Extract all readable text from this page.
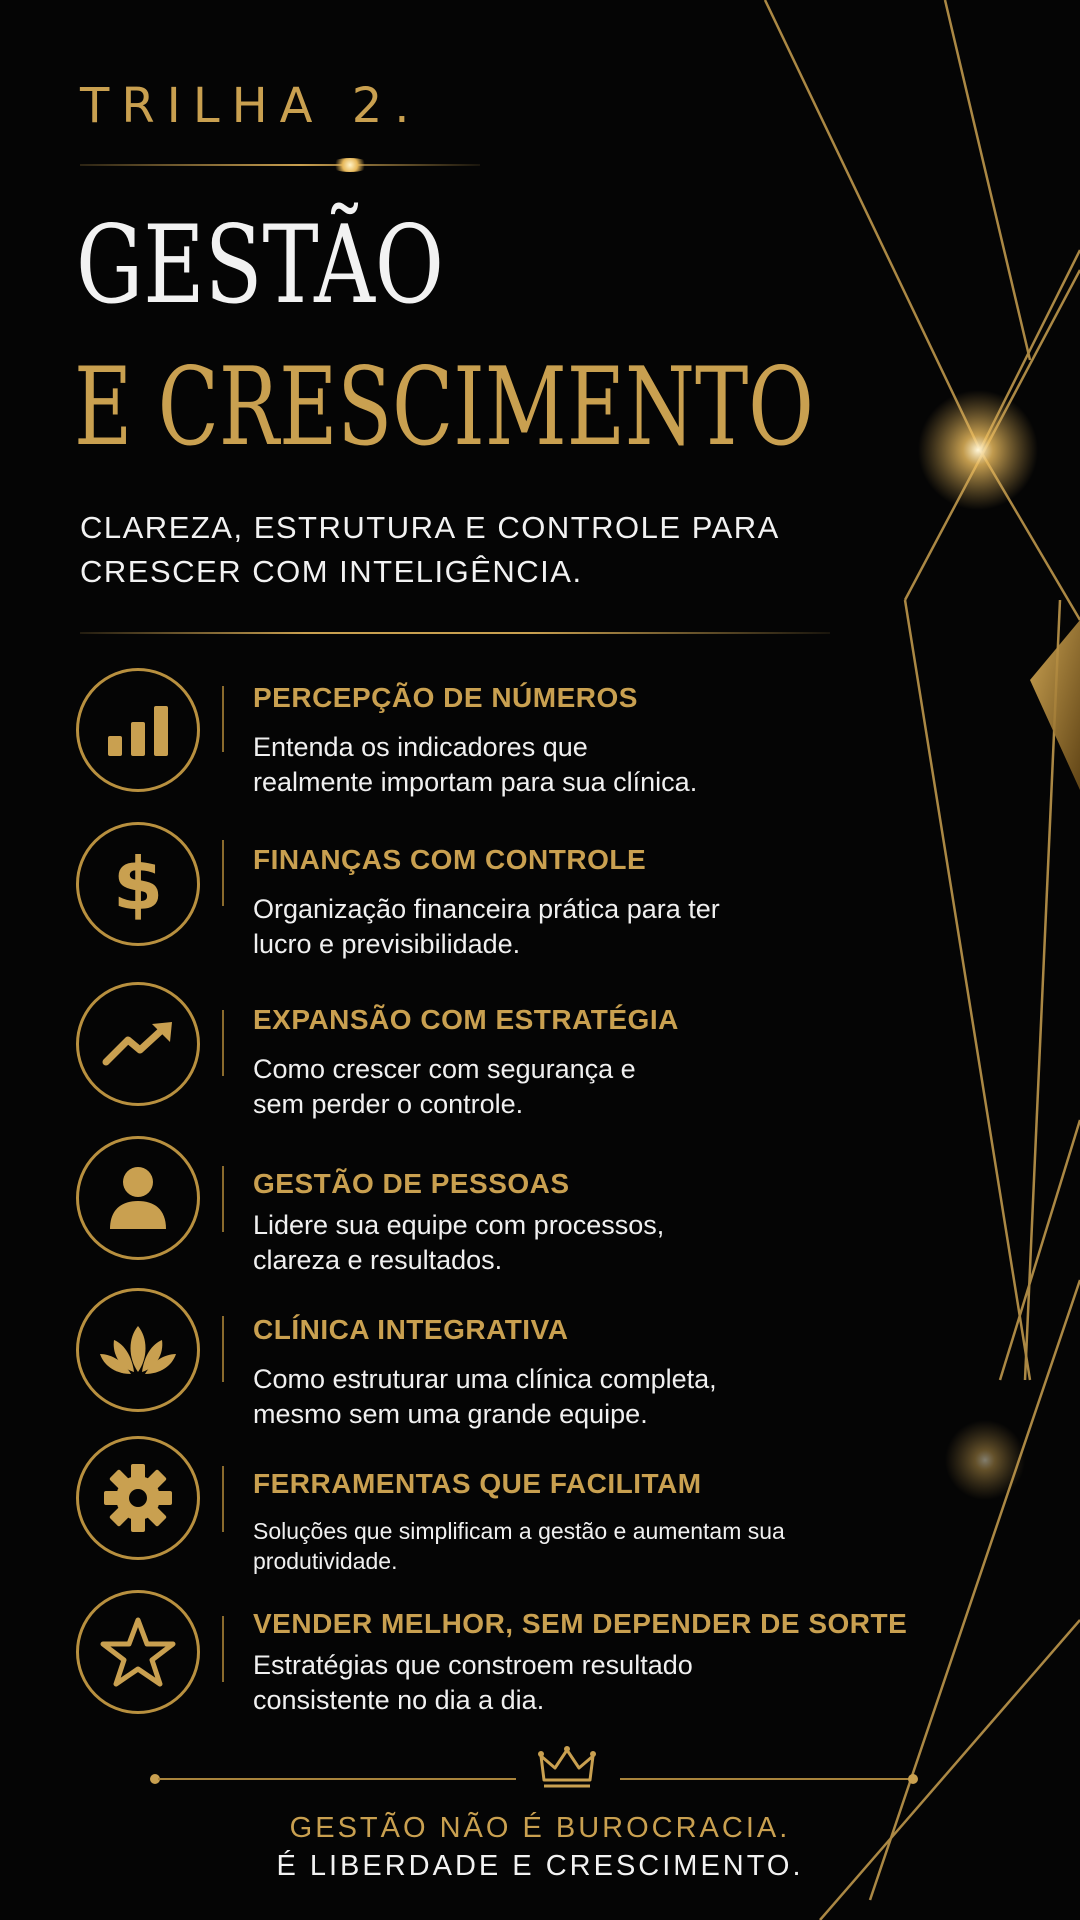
TRILHA 2.
GESTÃO
E CRESCIMENTO
CLAREZA, ESTRUTURA E CONTROLE PARA
CRESCER COM INTELIGÊNCIA.
PERCEPÇÃO DE NÚMEROS
Entenda os indicadores que
realmente importam para sua clínica.
$	FINANÇAS COM CONTROLE
Organização financeira prática para ter
lucro e previsibilidade.
EXPANSÃO COM ESTRATÉGIA
Como crescer com segurança e
sem perder o controle.
GESTÃO DE PESSOAS
Lidere sua equipe com processos,
clareza e resultados.
CLÍNICA INTEGRATIVA
Como estruturar uma clínica completa,
mesmo sem uma grande equipe.
FERRAMENTAS QUE FACILITAM
Soluções que simplificam a gestão e aumentam sua
produtividade.
VENDER MELHOR, SEM DEPENDER DE SORTE
Estratégias que constroem resultado
consistente no dia a dia.
GESTÃO NÃO É BUROCRACIA.
É LIBERDADE E CRESCIMENTO.
